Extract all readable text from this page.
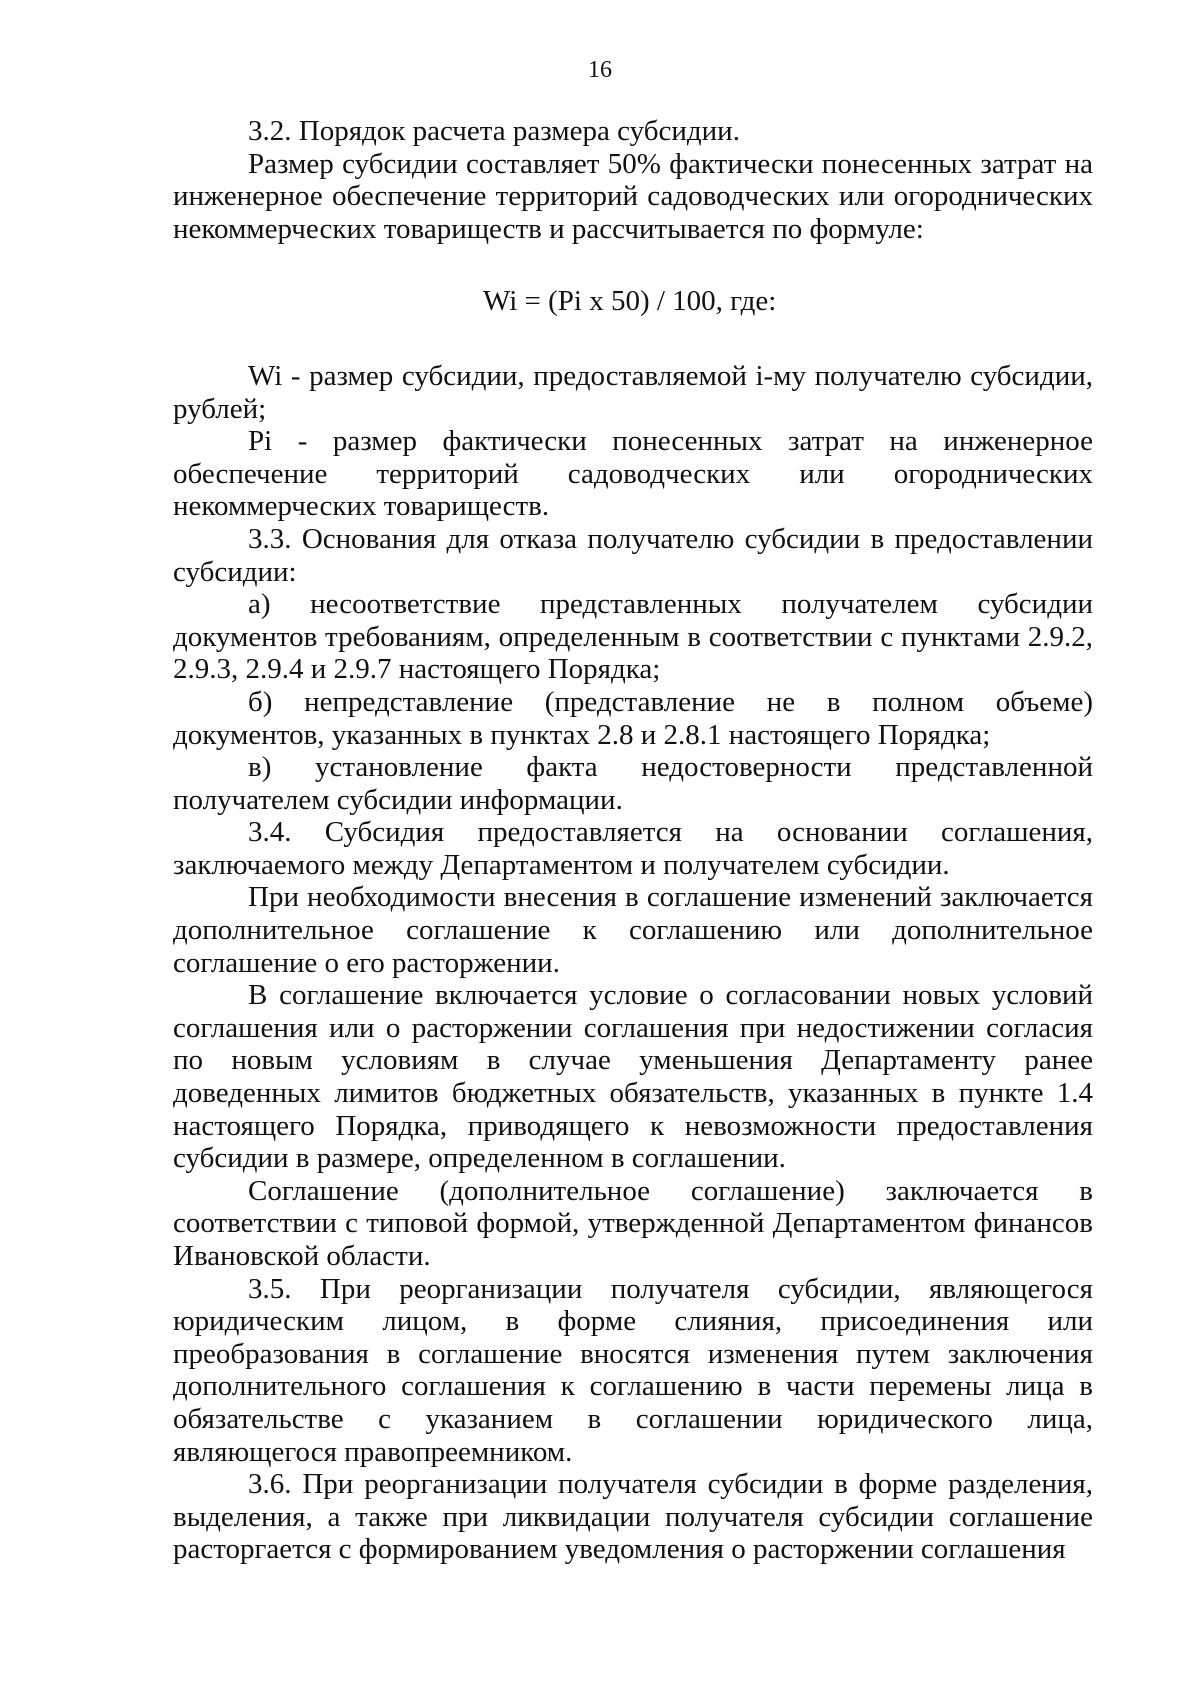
16

3.2. Порядок расчета размера субсидии.

Размер субсидии составляет 50% фактически понесенных затрат на инженерное обеспечение территорий садоводческих или огороднических некоммерческих товариществ и рассчитывается по формуле:

Wi = (Pi x 50) / 100, где:

Wi - размер субсидии, предоставляемой i-му получателю субсидии, рублей;

Pi - размер фактически понесенных затрат на инженерное обеспечение территорий садоводческих или огороднических некоммерческих товариществ.

3.3. Основания для отказа получателю субсидии в предоставлении субсидии:

а) несоответствие представленных получателем субсидии документов требованиям, определенным в соответствии с пунктами 2.9.2, 2.9.3, 2.9.4 и 2.9.7 настоящего Порядка;

б) непредставление (представление не в полном объеме) документов, указанных в пунктах 2.8 и 2.8.1 настоящего Порядка;

в) установление факта недостоверности представленной получателем субсидии информации.

3.4. Субсидия предоставляется на основании соглашения, заключаемого между Департаментом и получателем субсидии.

При необходимости внесения в соглашение изменений заключается дополнительное соглашение к соглашению или дополнительное соглашение о его расторжении.

В соглашение включается условие о согласовании новых условий соглашения или о расторжении соглашения при недостижении согласия по новым условиям в случае уменьшения Департаменту ранее доведенных лимитов бюджетных обязательств, указанных в пункте 1.4 настоящего Порядка, приводящего к невозможности предоставления субсидии в размере, определенном в соглашении.

Соглашение (дополнительное соглашение) заключается в соответствии с типовой формой, утвержденной Департаментом финансов Ивановской области.

3.5. При реорганизации получателя субсидии, являющегося юридическим лицом, в форме слияния, присоединения или преобразования в соглашение вносятся изменения путем заключения дополнительного соглашения к соглашению в части перемены лица в обязательстве с указанием в соглашении юридического лица, являющегося правопреемником.

3.6. При реорганизации получателя субсидии в форме разделения, выделения, а также при ликвидации получателя субсидии соглашение расторгается с формированием уведомления о расторжении соглашения
